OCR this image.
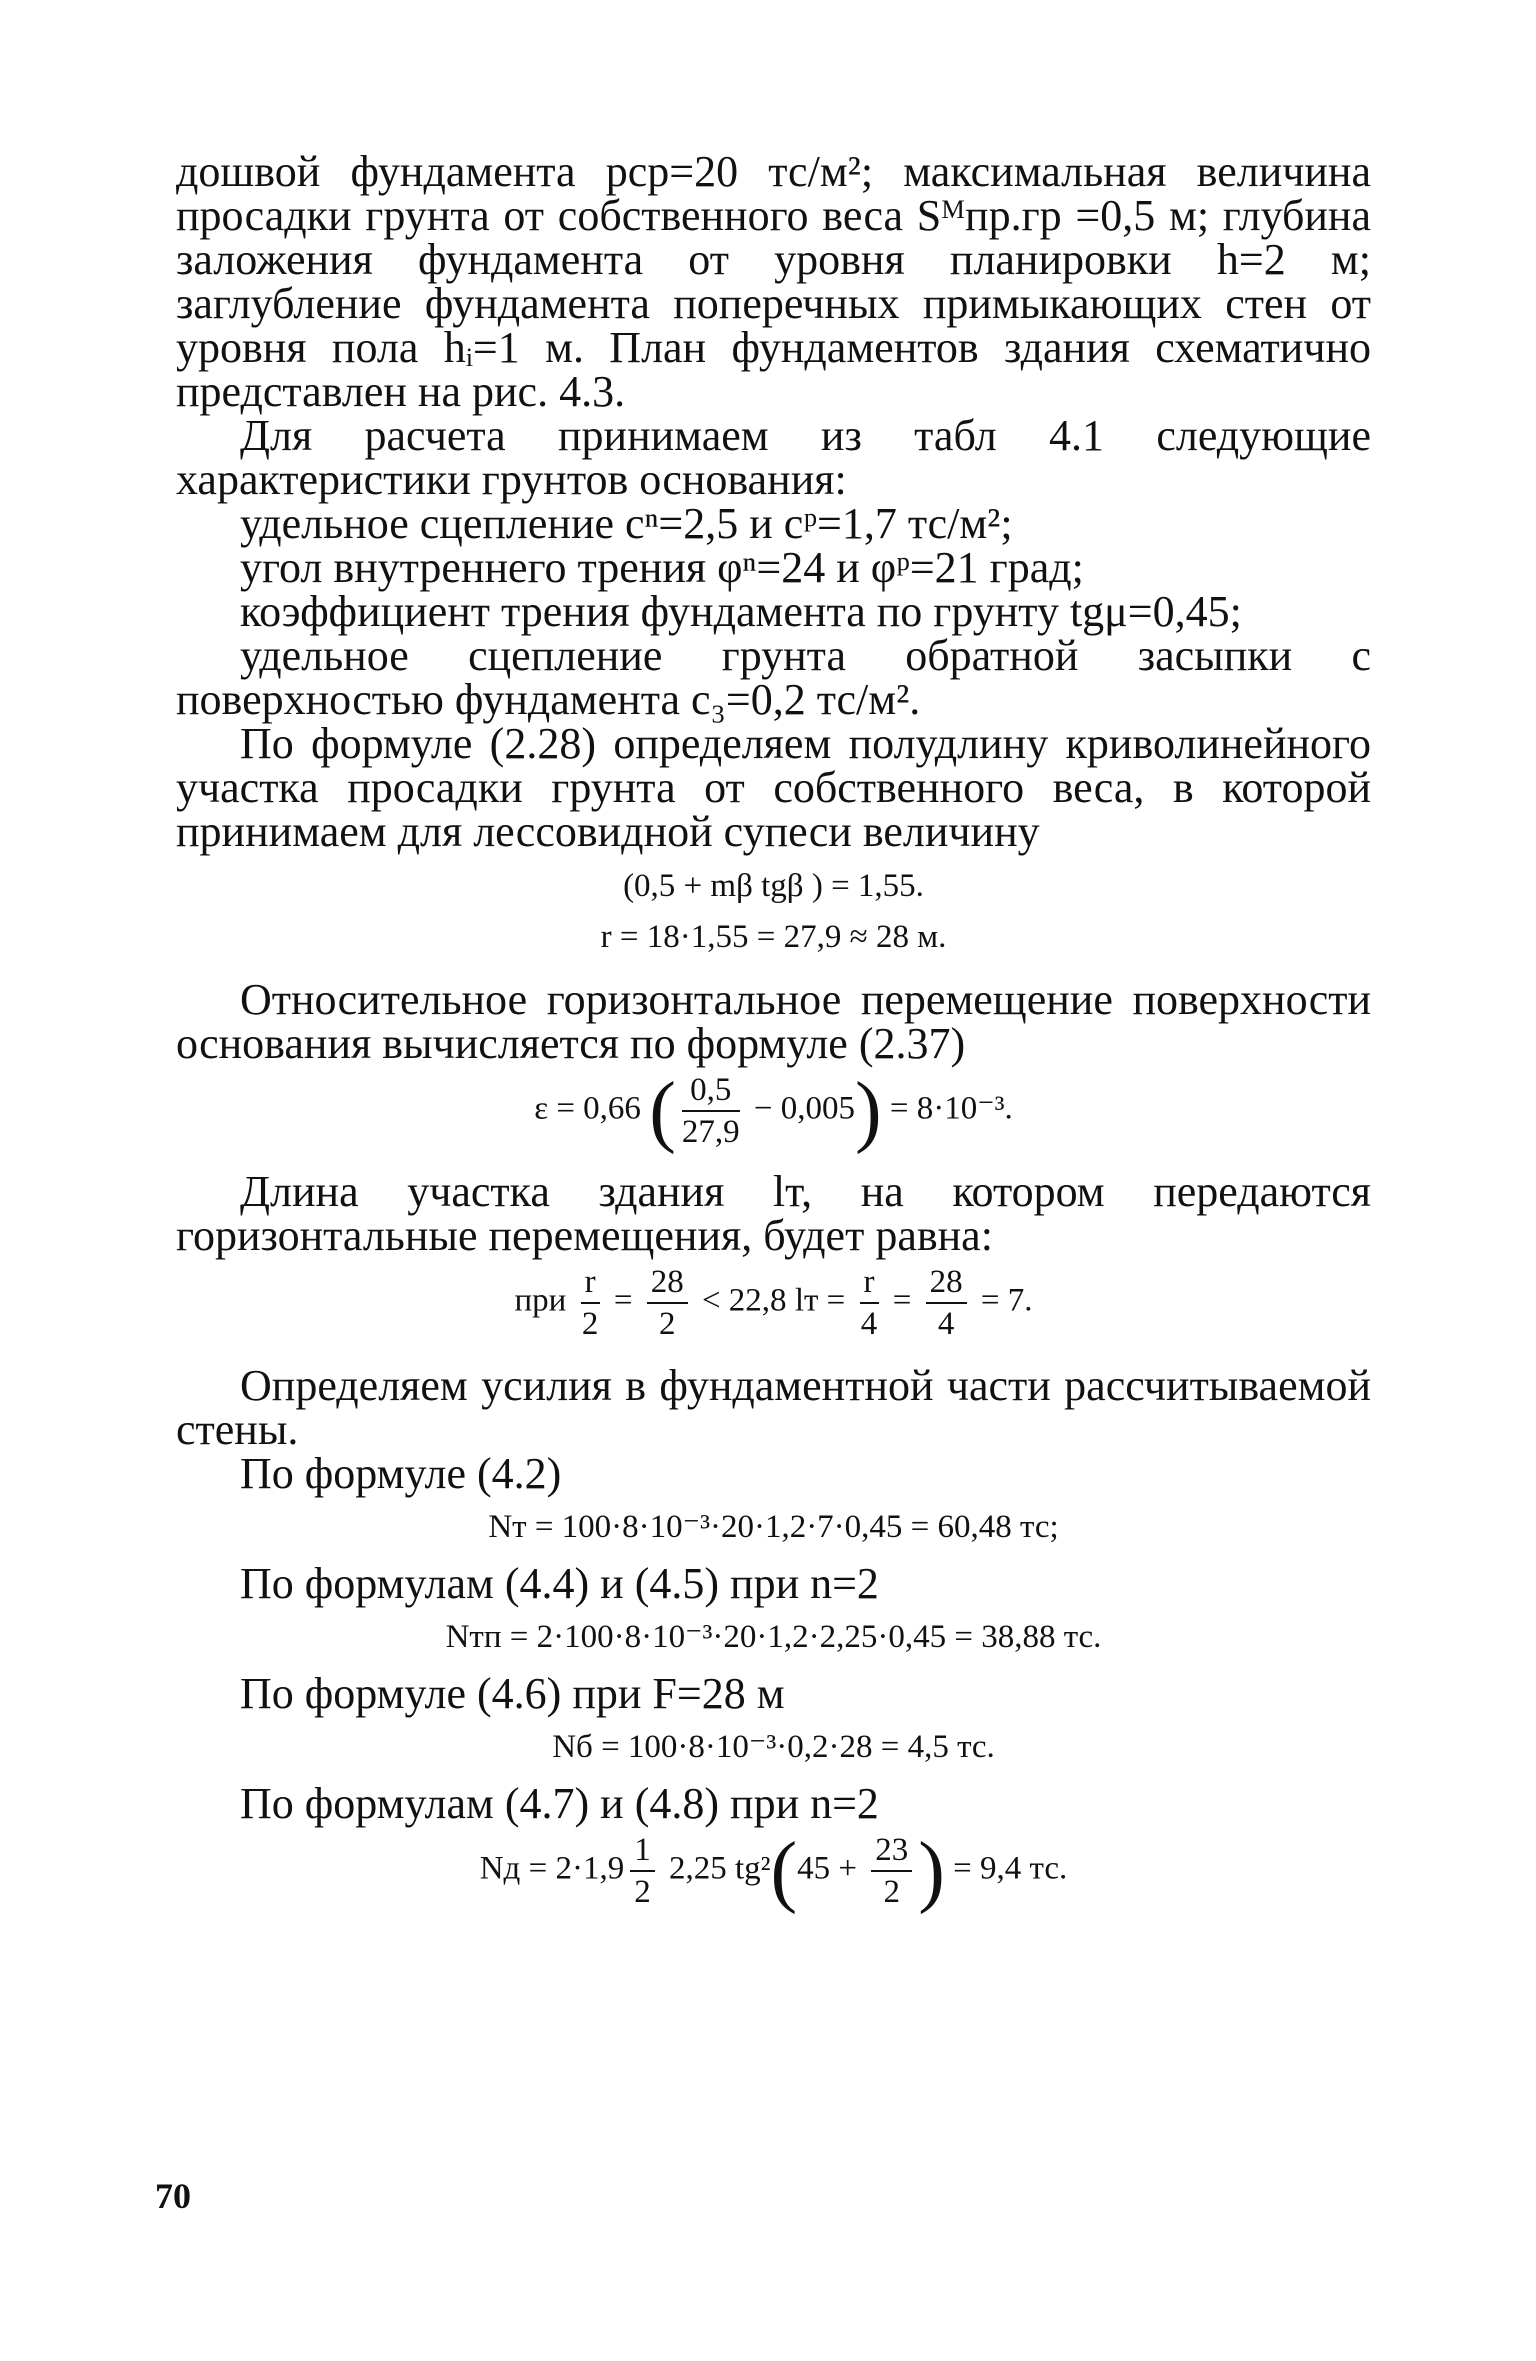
дошвой фундамента pср=20 тс/м²; максимальная величина просадки грунта от собственного веса Sᴹпр.гр =0,5 м; глубина заложения фундамента от уровня планировки h=2 м; заглубление фундамента поперечных примыкающих стен от уровня пола hᵢ=1 м. План фундаментов здания схематично представлен на рис. 4.3.

Для расчета принимаем из табл 4.1 следующие характеристики грунтов основания:

удельное сцепление cⁿ=2,5 и cᵖ=1,7 тс/м²;

угол внутреннего трения φⁿ=24 и φᵖ=21 град;

коэффициент трения фундамента по грунту tgμ=0,45;

удельное сцепление грунта обратной засыпки с поверхностью фундамента c₃=0,2 тс/м².

По формуле (2.28) определяем полудлину криволинейного участка просадки грунта от собственного веса, в которой принимаем для лессовидной супеси величину

(0,5 + mβ tgβ ) = 1,55.

r = 18·1,55 = 27,9 ≈ 28 м.

Относительное горизонтальное перемещение поверхности основания вычисляется по формуле (2.37)

ε = 0,66 ( $\frac{0,5}{27,9} - 0,005) = 8\cdot 10^{-3}$.

Длина участка здания lт, на котором передаются горизонтальные перемещения, будет равна:

при $\frac{r}{2} = \frac{28}{2} < 22,8$ lт = $\frac{r}{4} = \frac{28}{4} = 7$.

Определяем усилия в фундаментной части рассчитываемой стены.

По формуле (4.2)

Nт = 100·8·10⁻³·20·1,2·7·0,45 = 60,48 тс;

По формулам (4.4) и (4.5) при n=2

Nтп = 2·100·8·10⁻³·20·1,2·2,25·0,45 = 38,88 тс.

По формуле (4.6) при F=28 м

Nб = 100·8·10⁻³·0,2·28 = 4,5 тс.

По формулам (4.7) и (4.8) при n=2

Nд = $2\cdot 1,9 \frac{1}{2} 2,25$ $tg^2(45 + \frac{23}{2}$ ) = 9,4 тс.

70
